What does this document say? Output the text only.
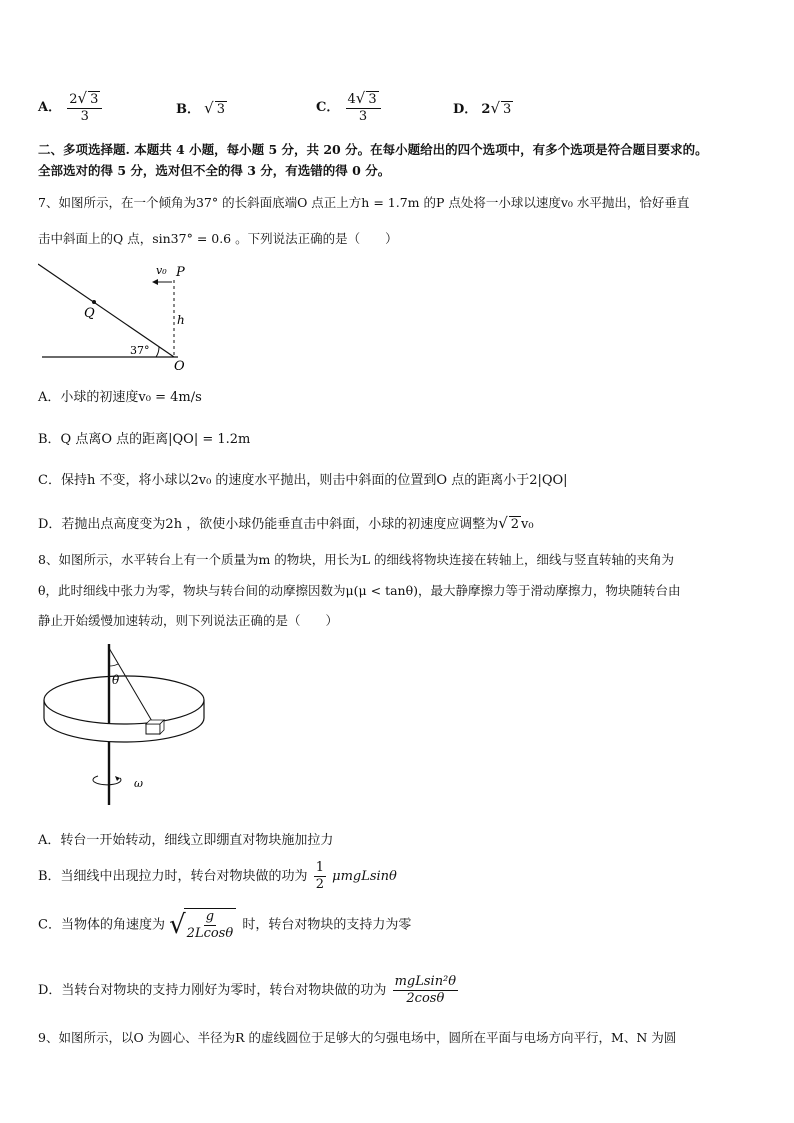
A． $\frac{2√ 3}{3}$	B． √ 3	C． $\frac{4√ 3}{3}$	D． 2√ 3
二、多项选择题. 本题共 4 小题，每小题 5 分，共 20 分。在每小题给出的四个选项中，有多个选项是符合题目要求的。
全部选对的得 5 分，选对但不全的得 3 分，有选错的得 0 分。
7、如图所示，在一个倾角为37° 的长斜面底端O 点正上方h = 1.7m 的P 点处将一小球以速度v₀ 水平抛出，恰好垂直
击中斜面上的Q 点，sin37° = 0.6 。下列说法正确的是（　　）
v₀ P
Q	h
37°
O
A．小球的初速度v₀ = 4m/s
B．Q 点离O 点的距离|QO| = 1.2m
C．保持h 不变，将小球以2v₀ 的速度水平抛出，则击中斜面的位置到O 点的距离小于2|QO|
D．若抛出点高度变为2h ，欲使小球仍能垂直击中斜面，小球的初速度应调整为√ 2 v₀
8、如图所示，水平转台上有一个质量为m 的物块，用长为L 的细线将物块连接在转轴上，细线与竖直转轴的夹角为
θ，此时细线中张力为零，物块与转台间的动摩擦因数为μ(μ < tanθ)，最大静摩擦力等于滑动摩擦力，物块随转台由
静止开始缓慢加速转动，则下列说法正确的是（　　）
θ
ω
A．转台一开始转动，细线立即绷直对物块施加拉力
B．当细线中出现拉力时，转台对物块做的功为 $\frac{1}{2}$ μmgLsinθ
C．当物体的角速度为 √
$\frac{g}{2Lcos\theta}$ 时，转台对物块的支持力为零
D．当转台对物块的支持力刚好为零时，转台对物块做的功为 $\frac{\text{mgLsin²θ}}{2\cos\theta}$
9、如图所示，以O 为圆心、半径为R 的虚线圆位于足够大的匀强电场中，圆所在平面与电场方向平行，M、N 为圆
